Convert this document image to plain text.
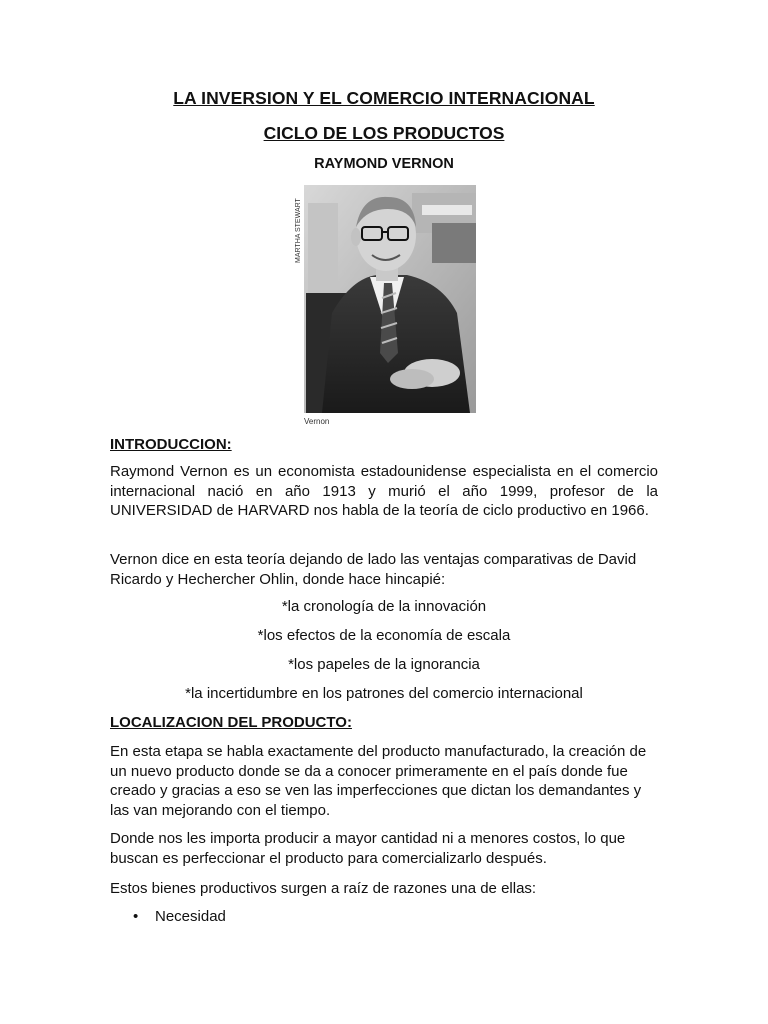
LA INVERSION Y EL COMERCIO INTERNACIONAL
CICLO DE LOS PRODUCTOS
RAYMOND VERNON
MARTHA STEWART
Vernon
INTRODUCCION:
Raymond Vernon es un economista estadounidense especialista en el comercio internacional nació en año 1913 y murió el año 1999, profesor de la UNIVERSIDAD de HARVARD nos habla de la teoría de ciclo productivo en 1966.
Vernon dice en esta teoría dejando de lado las ventajas comparativas de David Ricardo y Hechercher Ohlin, donde hace hincapié:
*la cronología de la innovación
*los efectos de la economía de escala
*los papeles de la ignorancia
*la incertidumbre en los patrones del comercio internacional
LOCALIZACION DEL PRODUCTO:
En esta etapa se habla exactamente del producto manufacturado, la creación de un nuevo producto donde se da a conocer primeramente en el país donde fue creado y gracias a eso se ven las imperfecciones que dictan los demandantes y las van mejorando con el tiempo.
Donde nos les importa producir a mayor cantidad ni a menores costos, lo que buscan es perfeccionar el producto para comercializarlo después.
Estos bienes productivos surgen a raíz de razones una de ellas:
• Necesidad
